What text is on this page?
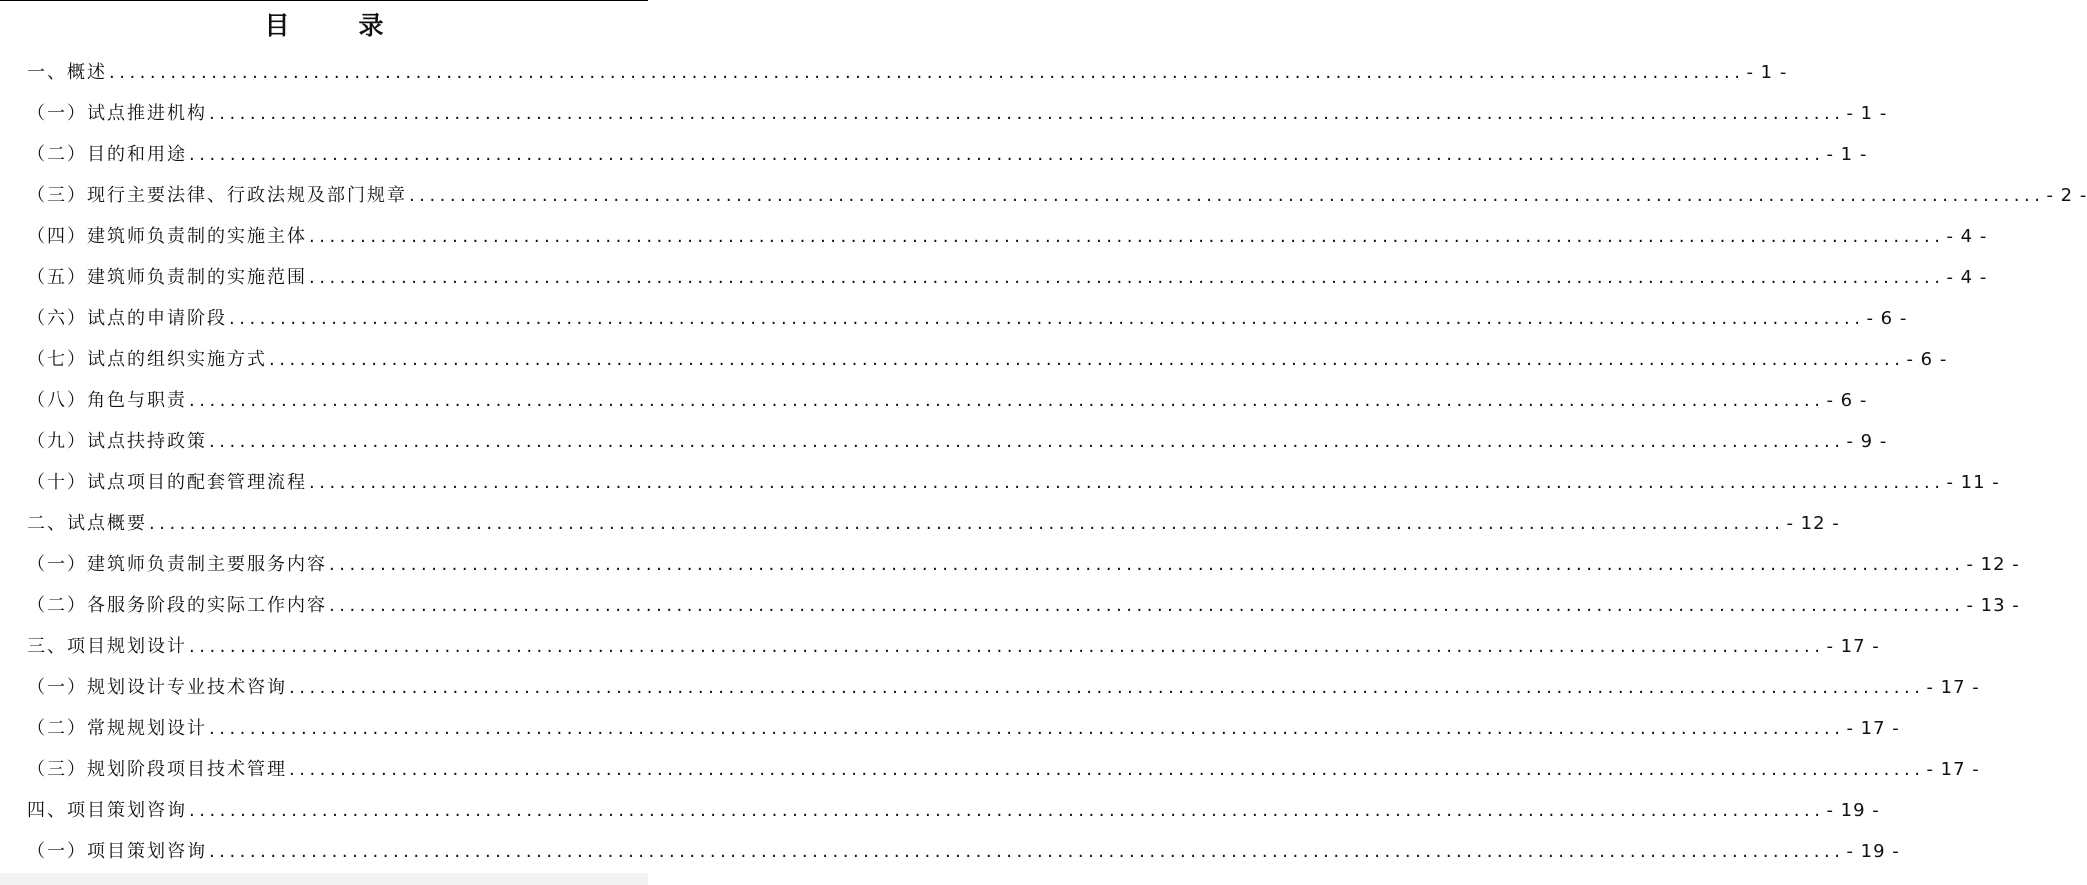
目　录
一、概述 ................................................................................................................................................................ - 1 -
（一）试点推进机构 ................................................................................................................................................................ - 1 -
（二）目的和用途 ................................................................................................................................................................ - 1 -
（三）现行主要法律、行政法规及部门规章 ................................................................................................................................................................ - 2 -
（四）建筑师负责制的实施主体 ................................................................................................................................................................ - 4 -
（五）建筑师负责制的实施范围 ................................................................................................................................................................ - 4 -
（六）试点的申请阶段 ................................................................................................................................................................ - 6 -
（七）试点的组织实施方式 ................................................................................................................................................................ - 6 -
（八）角色与职责 ................................................................................................................................................................ - 6 -
（九）试点扶持政策 ................................................................................................................................................................ - 9 -
（十）试点项目的配套管理流程 ................................................................................................................................................................ - 11 -
二、试点概要 ................................................................................................................................................................ - 12 -
（一）建筑师负责制主要服务内容 ................................................................................................................................................................ - 12 -
（二）各服务阶段的实际工作内容 ................................................................................................................................................................ - 13 -
三、项目规划设计 ................................................................................................................................................................ - 17 -
（一）规划设计专业技术咨询 ................................................................................................................................................................ - 17 -
（二）常规规划设计 ................................................................................................................................................................ - 17 -
（三）规划阶段项目技术管理 ................................................................................................................................................................ - 17 -
四、项目策划咨询 ................................................................................................................................................................ - 19 -
（一）项目策划咨询 ................................................................................................................................................................ - 19 -
